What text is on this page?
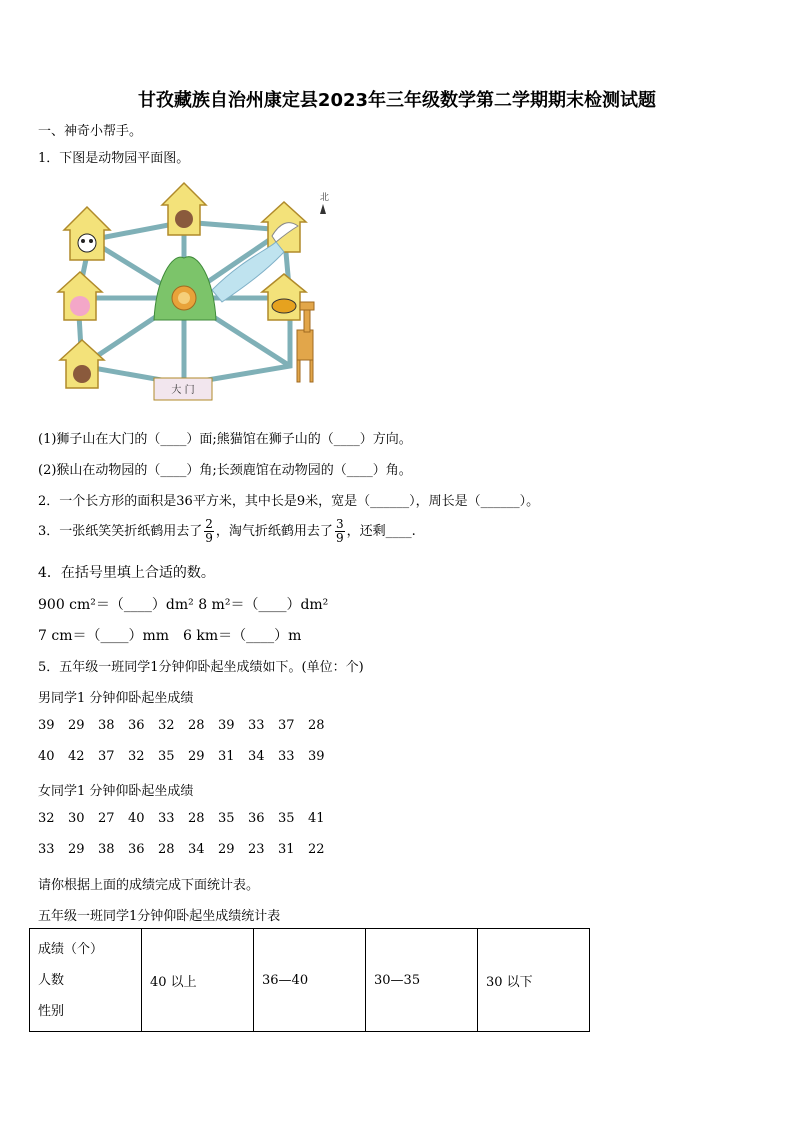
甘孜藏族自治州康定县2023年三年级数学第二学期期末检测试题
一、神奇小帮手。
1．下图是动物园平面图。
北
大 门
(1)狮子山在大门的（____）面;熊猫馆在狮子山的（____）方向。
(2)猴山在动物园的（____）角;长颈鹿馆在动物园的（____）角。
2．一个长方形的面积是36平方米，其中长是9米，宽是（______），周长是（______）。
3．一张纸笑笑折纸鹤用去了 $\frac{2}{9}$ ，淘气折纸鹤用去了 $\frac{3}{9}$ ，还剩____.
4．在括号里填上合适的数。
900 cm²＝（____）dm² 8 m²＝（____）dm²
7 cm＝（____）mm　6 km＝（____）m
5．五年级一班同学1分钟仰卧起坐成绩如下。(单位：个)
男同学1 分钟仰卧起坐成绩
39 29 38 36 32 28 39 33 37 28
40 42 37 32 35 29 31 34 33 39
女同学1 分钟仰卧起坐成绩
32 30 27 40 33 28 35 36 35 41
33 29 38 36 28 34 29 23 31 22
请你根据上面的成绩完成下面统计表。
五年级一班同学1分钟仰卧起坐成绩统计表
成绩（个）
人数
性别
	40 以上	36—40	30—35	30 以下
